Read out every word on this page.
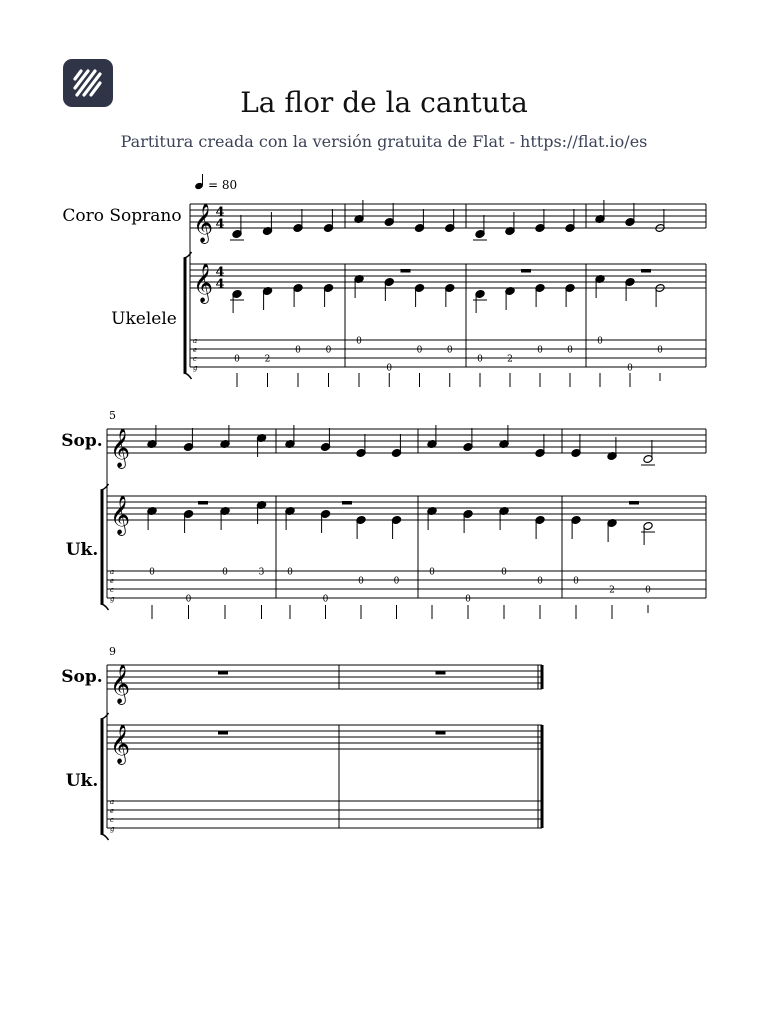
La flor de la cantuta
Partitura creada con la versión gratuita de Flat - https://flat.io/es
= 80
Coro Soprano
Ukelele
𝄞
𝄞
a
e
c
g
4
4
4
4
0	2
0	0
0
0
0	0
0	2
0	0
0
0
0
5
Sop.
Uk.
𝄞
𝄞
a
e
c
g
0
0
0	3	0
0
0	0
0
0
0
0	0
2	0
9
Sop.
Uk.
𝄞
𝄞
a
e
c
g
